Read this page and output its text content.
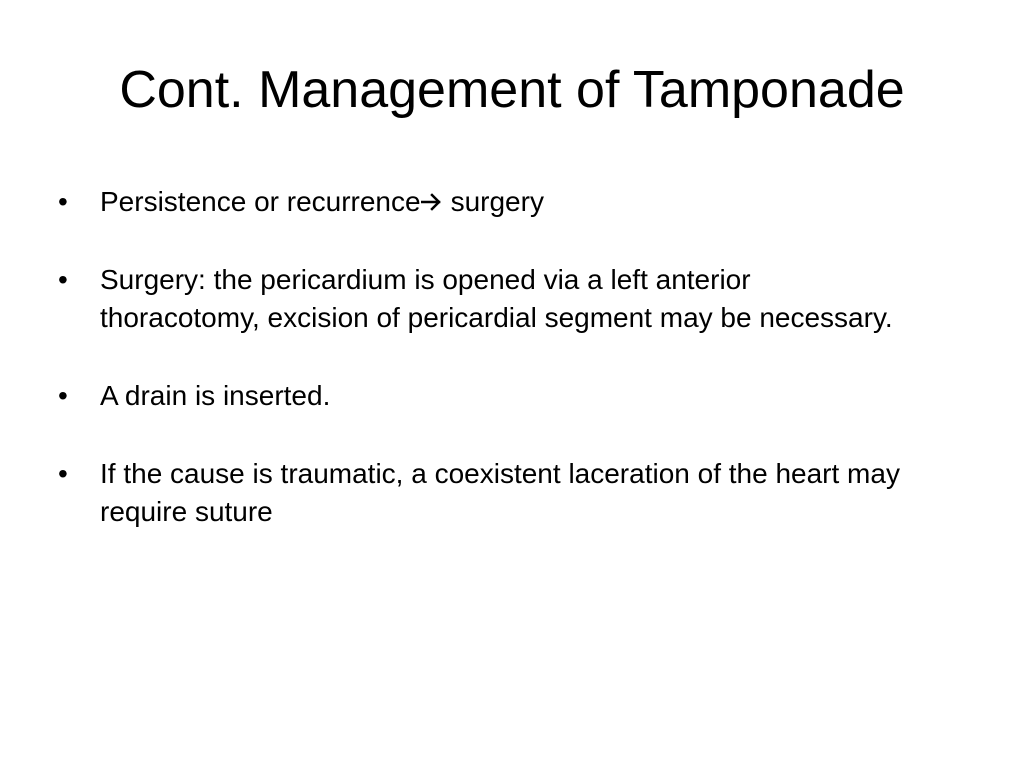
Cont. Management of Tamponade
•	Persistence or recurrence surgery
•	Surgery: the pericardium is opened via a left anterior thoracotomy, excision of pericardial segment may be necessary.
•	A drain is inserted.
•	If the cause is traumatic, a coexistent laceration of the heart may require suture
